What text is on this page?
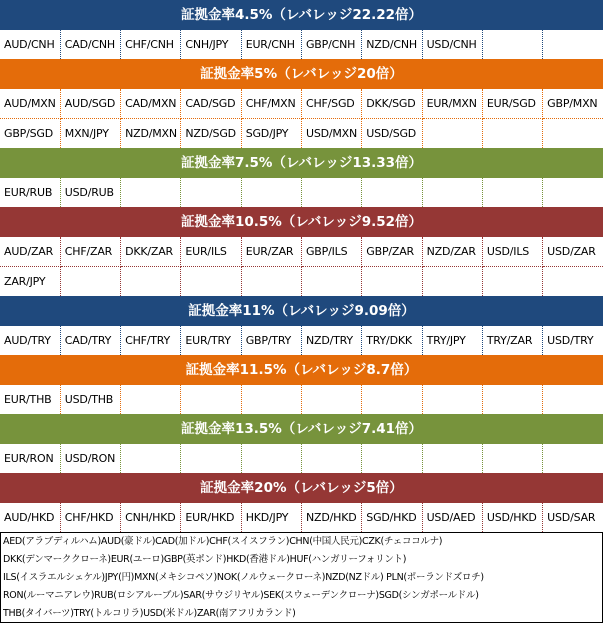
証拠金率4.5%（レバレッジ22.22倍）
AUD/CNH	CAD/CNH	CHF/CNH	CNH/JPY	EUR/CNH	GBP/CNH	NZD/CNH	USD/CNH		
証拠金率5%（レバレッジ20倍）
AUD/MXN	AUD/SGD	CAD/MXN	CAD/SGD	CHF/MXN	CHF/SGD	DKK/SGD	EUR/MXN	EUR/SGD	GBP/MXN
GBP/SGD	MXN/JPY	NZD/MXN	NZD/SGD	SGD/JPY	USD/MXN	USD/SGD			
証拠金率7.5%（レバレッジ13.33倍）
EUR/RUB	USD/RUB								
証拠金率10.5%（レバレッジ9.52倍）
AUD/ZAR	CHF/ZAR	DKK/ZAR	EUR/ILS	EUR/ZAR	GBP/ILS	GBP/ZAR	NZD/ZAR	USD/ILS	USD/ZAR
ZAR/JPY									
証拠金率11%（レバレッジ9.09倍）
AUD/TRY	CAD/TRY	CHF/TRY	EUR/TRY	GBP/TRY	NZD/TRY	TRY/DKK	TRY/JPY	TRY/ZAR	USD/TRY
証拠金率11.5%（レバレッジ8.7倍）
EUR/THB	USD/THB								
証拠金率13.5%（レバレッジ7.41倍）
EUR/RON	USD/RON								
証拠金率20%（レバレッジ5倍）
AUD/HKD	CHF/HKD	CNH/HKD	EUR/HKD	HKD/JPY	NZD/HKD	SGD/HKD	USD/AED	USD/HKD	USD/SAR
AED(アラブディルハム)AUD(豪ドル)CAD(加ドル)CHF(スイスフラン)CHN(中国人民元)CZK(チェココルナ)
DKK(デンマーククローネ)EUR(ユーロ)GBP(英ポンド)HKD(香港ドル)HUF(ハンガリーフォリント)
ILS(イスラエルシェケル)JPY(円)MXN(メキシコペソ)NOK(ノルウェークローネ)NZD(NZドル) PLN(ポーランドズロチ)
RON(ルーマニアレウ)RUB(ロシアルーブル)SAR(サウジリヤル)SEK(スウェーデンクローナ)SGD(シンガポールドル)
THB(タイバーツ)TRY(トルコリラ)USD(米ドル)ZAR(南アフリカランド)
